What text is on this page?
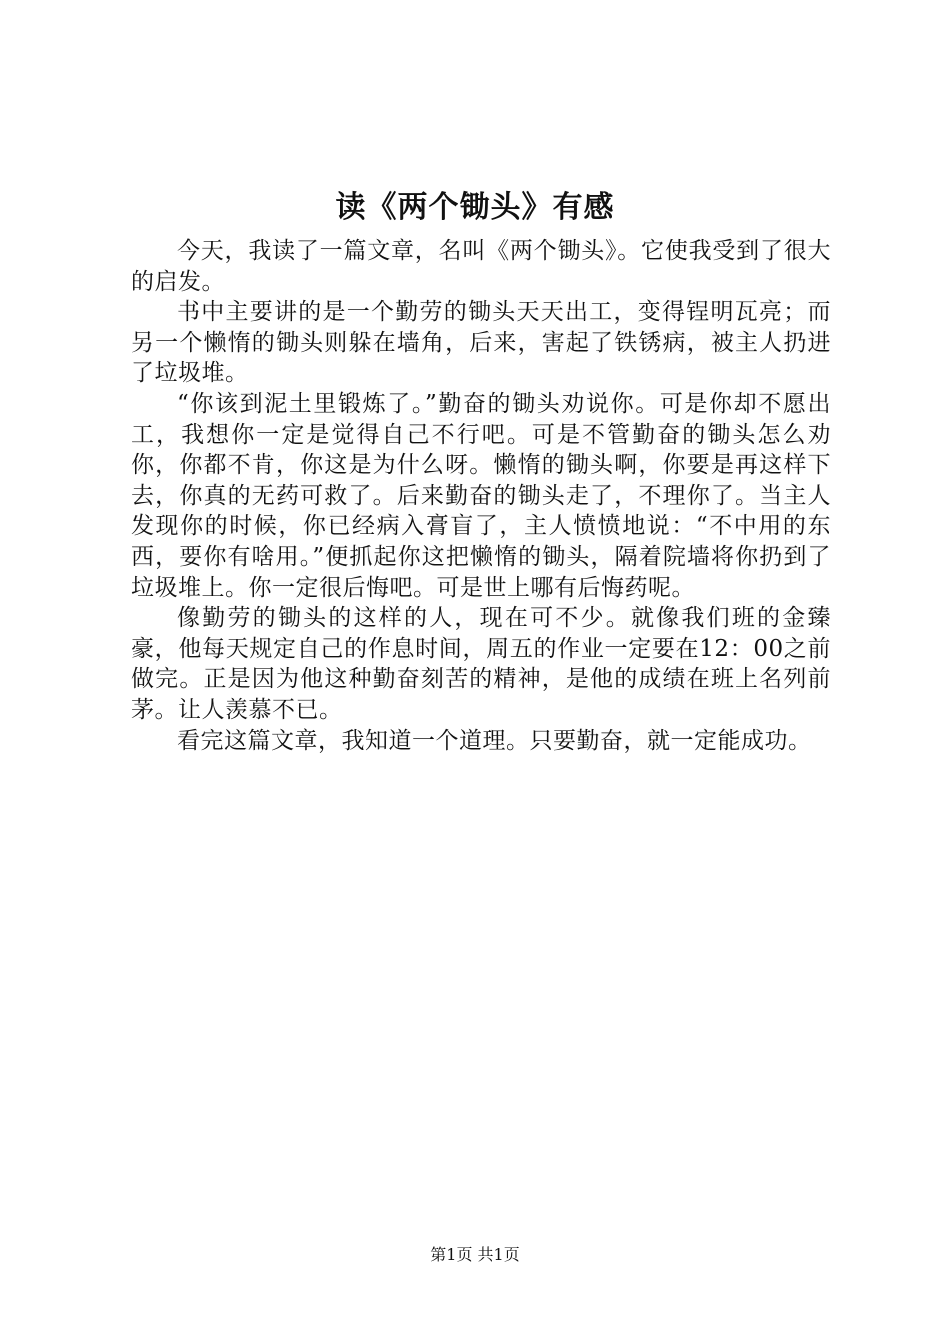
读《两个锄头》有感

今天，我读了一篇文章，名叫《两个锄头》。它使我受到了很大的启发。

书中主要讲的是一个勤劳的锄头天天出工，变得锃明瓦亮；而另一个懒惰的锄头则躲在墙角，后来，害起了铁锈病，被主人扔进了垃圾堆。

“你该到泥土里锻炼了。”勤奋的锄头劝说你。可是你却不愿出工，我想你一定是觉得自己不行吧。可是不管勤奋的锄头怎么劝你，你都不肯，你这是为什么呀。懒惰的锄头啊，你要是再这样下去，你真的无药可救了。后来勤奋的锄头走了，不理你了。当主人发现你的时候，你已经病入膏盲了，主人愤愤地说：“不中用的东西，要你有啥用。”便抓起你这把懒惰的锄头，隔着院墙将你扔到了垃圾堆上。你一定很后悔吧。可是世上哪有后悔药呢。

像勤劳的锄头的这样的人，现在可不少。就像我们班的金臻豪，他每天规定自己的作息时间，周五的作业一定要在12：00之前做完。正是因为他这种勤奋刻苦的精神，是他的成绩在班上名列前茅。让人羡慕不已。

看完这篇文章，我知道一个道理。只要勤奋，就一定能成功。

第1页 共1页
